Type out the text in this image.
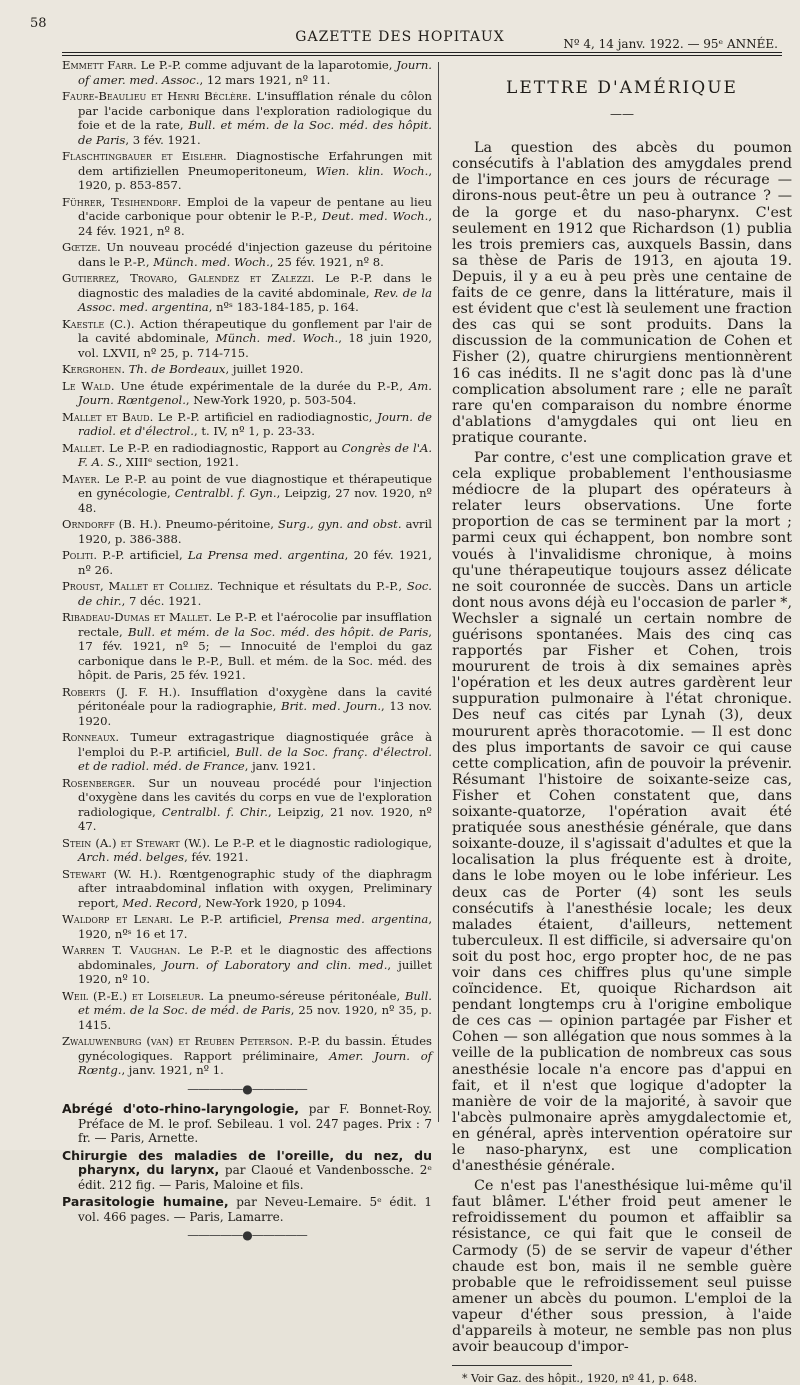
58
GAZETTE DES HOPITAUX	Nº 4, 14 janv. 1922. — 95ᵉ ANNÉE.
Emmett Farr. Le P.-P. comme adjuvant de la laparotomie, Journ. of amer. med. Assoc., 12 mars 1921, nº 11.
Faure-Beaulieu et Henri Béclère. L'insufflation rénale du côlon par l'acide carbonique dans l'exploration radiologique du foie et de la rate, Bull. et mém. de la Soc. méd. des hôpit. de Paris, 3 fév. 1921.
Flaschtingbauer et Eislehr. Diagnostische Erfahrungen mit dem artifiziellen Pneumoperitoneum, Wien. klin. Woch., 1920, p. 853-857.
Führer, Tesihendorf. Emploi de la vapeur de pentane au lieu d'acide carbonique pour obtenir le P.-P., Deut. med. Woch., 24 fév. 1921, nº 8.
Gœtze. Un nouveau procédé d'injection gazeuse du péritoine dans le P.-P., Münch. med. Woch., 25 fév. 1921, nº 8.
Gutierrez, Trovaro, Galendez et Zalezzi. Le P.-P. dans le diagnostic des maladies de la cavité abdominale, Rev. de la Assoc. med. argentina, nºˢ 183-184-185, p. 164.
Kaestle (C.). Action thérapeutique du gonflement par l'air de la cavité abdominale, Münch. med. Woch., 18 juin 1920, vol. LXVII, nº 25, p. 714-715.
Kergrohen. Th. de Bordeaux, juillet 1920.
Le Wald. Une étude expérimentale de la durée du P.-P., Am. Journ. Rœntgenol., New-York 1920, p. 503-504.
Mallet et Baud. Le P.-P. artificiel en radiodiagnostic, Journ. de radiol. et d'électrol., t. IV, nº 1, p. 23-33.
Mallet. Le P.-P. en radiodiagnostic, Rapport au Congrès de l'A. F. A. S., XIIIᵉ section, 1921.
Mayer. Le P.-P. au point de vue diagnostique et thérapeutique en gynécologie, Centralbl. f. Gyn., Leipzig, 27 nov. 1920, nº 48.
Orndorff (B. H.). Pneumo-péritoine, Surg., gyn. and obst. avril 1920, p. 386-388.
Politi. P.-P. artificiel, La Prensa med. argentina, 20 fév. 1921, nº 26.
Proust, Mallet et Colliez. Technique et résultats du P.-P., Soc. de chir., 7 déc. 1921.
Ribadeau-Dumas et Mallet. Le P.-P. et l'aérocolie par insufflation rectale, Bull. et mém. de la Soc. méd. des hôpit. de Paris, 17 fév. 1921, nº 5; — Innocuité de l'emploi du gaz carbonique dans le P.-P., Bull. et mém. de la Soc. méd. des hôpit. de Paris, 25 fév. 1921.
Roberts (J. F. H.). Insufflation d'oxygène dans la cavité péritonéale pour la radiographie, Brit. med. Journ., 13 nov. 1920.
Ronneaux. Tumeur extragastrique diagnostiquée grâce à l'emploi du P.-P. artificiel, Bull. de la Soc. franç. d'électrol. et de radiol. méd. de France, janv. 1921.
Rosenberger. Sur un nouveau procédé pour l'injection d'oxygène dans les cavités du corps en vue de l'exploration radiologique, Centralbl. f. Chir., Leipzig, 21 nov. 1920, nº 47.
Stein (A.) et Stewart (W.). Le P.-P. et le diagnostic radiologique, Arch. méd. belges, fév. 1921.
Stewart (W. H.). Rœntgenographic study of the diaphragm after intraabdominal inflation with oxygen, Preliminary report, Med. Record, New-York 1920, p 1094.
Waldorp et Lenari. Le P.-P. artificiel, Prensa med. argentina, 1920, nºˢ 16 et 17.
Warren T. Vaughan. Le P.-P. et le diagnostic des affections abdominales, Journ. of Laboratory and clin. med., juillet 1920, nº 10.
Weil (P.-E.) et Loiseleur. La pneumo-séreuse péritonéale, Bull. et mém. de la Soc. de méd. de Paris, 25 nov. 1920, nº 35, p. 1415.
Zwaluwenburg (van) et Reuben Peterson. P.-P. du bassin. Études gynécologiques. Rapport préliminaire, Amer. Journ. of Rœntg., janv. 1921, nº 1.
—————●—————
Abrégé d'oto-rhino-laryngologie, par F. Bonnet-Roy. Préface de M. le prof. Sebileau. 1 vol. 247 pages. Prix : 7 fr. — Paris, Arnette.
Chirurgie des maladies de l'oreille, du nez, du pharynx, du larynx, par Claoué et Vandenbossche. 2ᵉ édit. 212 fig. — Paris, Maloine et fils.
Parasitologie humaine, par Neveu-Lemaire. 5ᵉ édit. 1 vol. 466 pages. — Paris, Lamarre.
—————●—————
LETTRE D'AMÉRIQUE
——

La question des abcès du poumon consécutifs à l'ablation des amygdales prend de l'importance en ces jours de récurage — dirons-nous peut-être un peu à outrance ? — de la gorge et du naso-pharynx. C'est seulement en 1912 que Richardson (1) publia les trois premiers cas, auxquels Bassin, dans sa thèse de Paris de 1913, en ajouta 19. Depuis, il y a eu à peu près une centaine de faits de ce genre, dans la littérature, mais il est évident que c'est là seulement une fraction des cas qui se sont produits. Dans la discussion de la communication de Cohen et Fisher (2), quatre chirurgiens mentionnèrent 16 cas inédits. Il ne s'agit donc pas là d'une complication absolument rare ; elle ne paraît rare qu'en comparaison du nombre énorme d'ablations d'amygdales qui ont lieu en pratique courante.

Par contre, c'est une complication grave et cela explique probablement l'enthousiasme médiocre de la plupart des opérateurs à relater leurs observations. Une forte proportion de cas se terminent par la mort ; parmi ceux qui échappent, bon nombre sont voués à l'invalidisme chronique, à moins qu'une thérapeutique toujours assez délicate ne soit couronnée de succès. Dans un article dont nous avons déjà eu l'occasion de parler *, Wechsler a signalé un certain nombre de guérisons spontanées. Mais des cinq cas rapportés par Fisher et Cohen, trois moururent de trois à dix semaines après l'opération et les deux autres gardèrent leur suppuration pulmonaire à l'état chronique. Des neuf cas cités par Lynah (3), deux moururent après thoracotomie. — Il est donc des plus importants de savoir ce qui cause cette complication, afin de pouvoir la prévenir. Résumant l'histoire de soixante-seize cas, Fisher et Cohen constatent que, dans soixante-quatorze, l'opération avait été pratiquée sous anesthésie générale, que dans soixante-douze, il s'agissait d'adultes et que la localisation la plus fréquente est à droite, dans le lobe moyen ou le lobe inférieur. Les deux cas de Porter (4) sont les seuls consécutifs à l'anesthésie locale; les deux malades étaient, d'ailleurs, nettement tuberculeux. Il est difficile, si adversaire qu'on soit du post hoc, ergo propter hoc, de ne pas voir dans ces chiffres plus qu'une simple coïncidence. Et, quoique Richardson ait pendant longtemps cru à l'origine embolique de ces cas — opinion partagée par Fisher et Cohen — son allégation que nous sommes à la veille de la publication de nombreux cas sous anesthésie locale n'a encore pas d'appui en fait, et il n'est que logique d'adopter la manière de voir de la majorité, à savoir que l'abcès pulmonaire après amygdalectomie et, en général, après intervention opératoire sur le naso-pharynx, est une complication d'anesthésie générale.

Ce n'est pas l'anesthésique lui-même qu'il faut blâmer. L'éther froid peut amener le refroidissement du poumon et affaiblir sa résistance, ce qui fait que le conseil de Carmody (5) de se servir de vapeur d'éther chaude est bon, mais il ne semble guère probable que le refroidissement seul puisse amener un abcès du poumon. L'emploi de la vapeur d'éther sous pression, à l'aide d'appareils à moteur, ne semble pas non plus avoir beaucoup d'impor-

* Voir Gaz. des hôpit., 1920, nº 41, p. 648.
